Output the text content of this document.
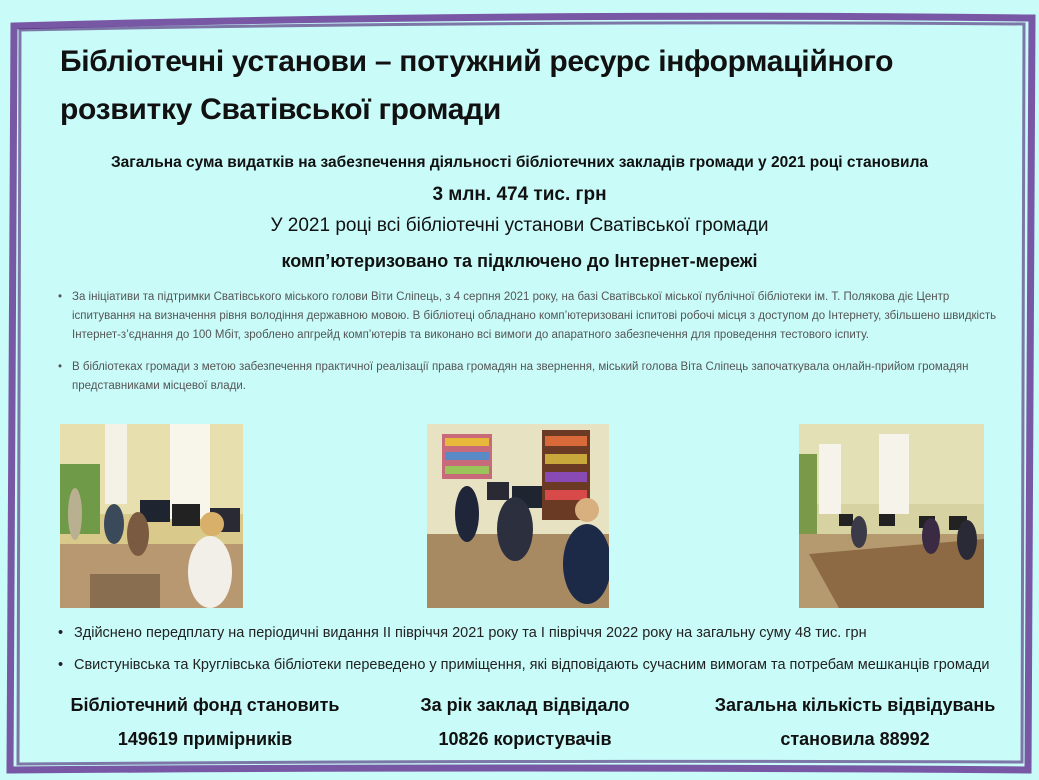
Бібліотечні установи – потужний ресурс інформаційного розвитку Сватівської громади

Загальна сума видатків на забезпечення діяльності бібліотечних закладів громади у 2021 році становила

3 млн. 474 тис. грн

У 2021 році всі бібліотечні установи Сватівської громади

комп’ютеризовано та підключено до Інтернет-мережі

• За ініціативи та підтримки Сватівського міського голови Віти Сліпець, з 4 серпня 2021 року, на базі Сватівської міської публічної бібліотеки ім. Т. Полякова діє Центр іспитування на визначення рівня володіння державною мовою. В бібліотеці обладнано комп’ютеризовані іспитові робочі місця з доступом до Інтернету, збільшено швидкість Інтернет-з’єднання до 100 Мбіт, зроблено апгрейд комп’ютерів та виконано всі вимоги до апаратного забезпечення для проведення тестового іспиту.
• В бібліотеках громади з метою забезпечення практичної реалізації права громадян на звернення, міський голова Віта Сліпець започаткувала онлайн-прийом громадян представниками місцевої влади.
• Здійснено передплату на періодичні видання ІІ півріччя 2021 року та І півріччя 2022 року на загальну суму 48 тис. грн
• Свистунівська та Круглівська бібліотеки переведено у приміщення, які відповідають сучасним вимогам та потребам мешканців громади
Бібліотечний фонд становить
149619 примірників
За рік заклад відвідало
10826 користувачів
Загальна кількість відвідувань
становила 88992
